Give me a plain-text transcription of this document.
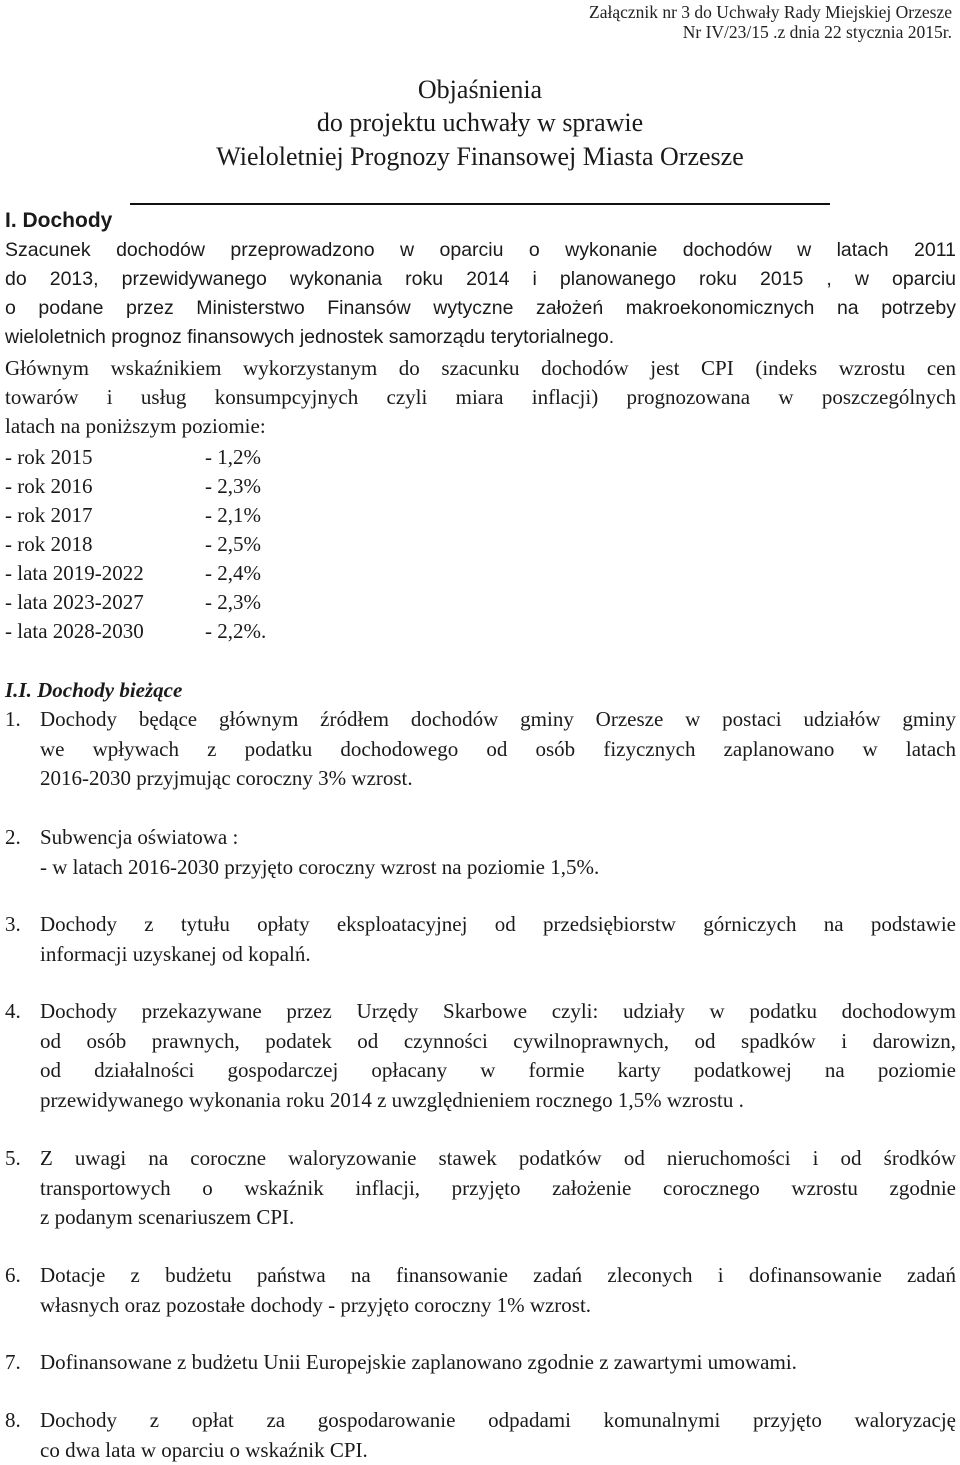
Załącznik nr 3 do Uchwały Rady Miejskiej Orzesze
Nr IV/23/15 .z dnia 22 stycznia 2015r.
Objaśnienia
do projektu uchwały w sprawie
Wieloletniej Prognozy Finansowej Miasta Orzesze
I. Dochody
Szacunek dochodów przeprowadzono w oparciu o wykonanie dochodów w latach 2011
do 2013, przewidywanego wykonania roku 2014 i planowanego roku 2015 , w oparciu
o podane przez Ministerstwo Finansów wytyczne założeń makroekonomicznych na potrzeby
wieloletnich prognoz finansowych jednostek samorządu terytorialnego.
Głównym wskaźnikiem wykorzystanym do szacunku dochodów jest CPI (indeks wzrostu cen
towarów i usług konsumpcyjnych czyli miara inflacji) prognozowana w poszczególnych
latach na poniższym poziomie:
- rok 2015	- 1,2%
- rok 2016	- 2,3%
- rok 2017	- 2,1%
- rok 2018	- 2,5%
- lata 2019-2022	- 2,4%
- lata 2023-2027	- 2,3%
- lata 2028-2030	- 2,2%.
I.I. Dochody bieżące
1. Dochody będące głównym źródłem dochodów gminy Orzesze w postaci udziałów gminy
we wpływach z podatku dochodowego od osób fizycznych zaplanowano w latach
2016-2030 przyjmując coroczny 3% wzrost.
2. Subwencja oświatowa :
- w latach 2016-2030 przyjęto coroczny wzrost na poziomie 1,5%.
3. Dochody z tytułu opłaty eksploatacyjnej od przedsiębiorstw górniczych na podstawie
informacji uzyskanej od kopalń.
4. Dochody przekazywane przez Urzędy Skarbowe czyli: udziały w podatku dochodowym
od osób prawnych, podatek od czynności cywilnoprawnych, od spadków i darowizn,
od działalności gospodarczej opłacany w formie karty podatkowej na poziomie
przewidywanego wykonania roku 2014 z uwzględnieniem rocznego 1,5% wzrostu .
5. Z uwagi na coroczne waloryzowanie stawek podatków od nieruchomości i od środków
transportowych o wskaźnik inflacji, przyjęto założenie corocznego wzrostu zgodnie
z podanym scenariuszem CPI.
6. Dotacje z budżetu państwa na finansowanie zadań zleconych i dofinansowanie zadań
własnych oraz pozostałe dochody - przyjęto coroczny 1% wzrost.
7. Dofinansowane z budżetu Unii Europejskie zaplanowano zgodnie z zawartymi umowami.
8. Dochody z opłat za gospodarowanie odpadami komunalnymi przyjęto waloryzację
co dwa lata w oparciu o wskaźnik CPI.
